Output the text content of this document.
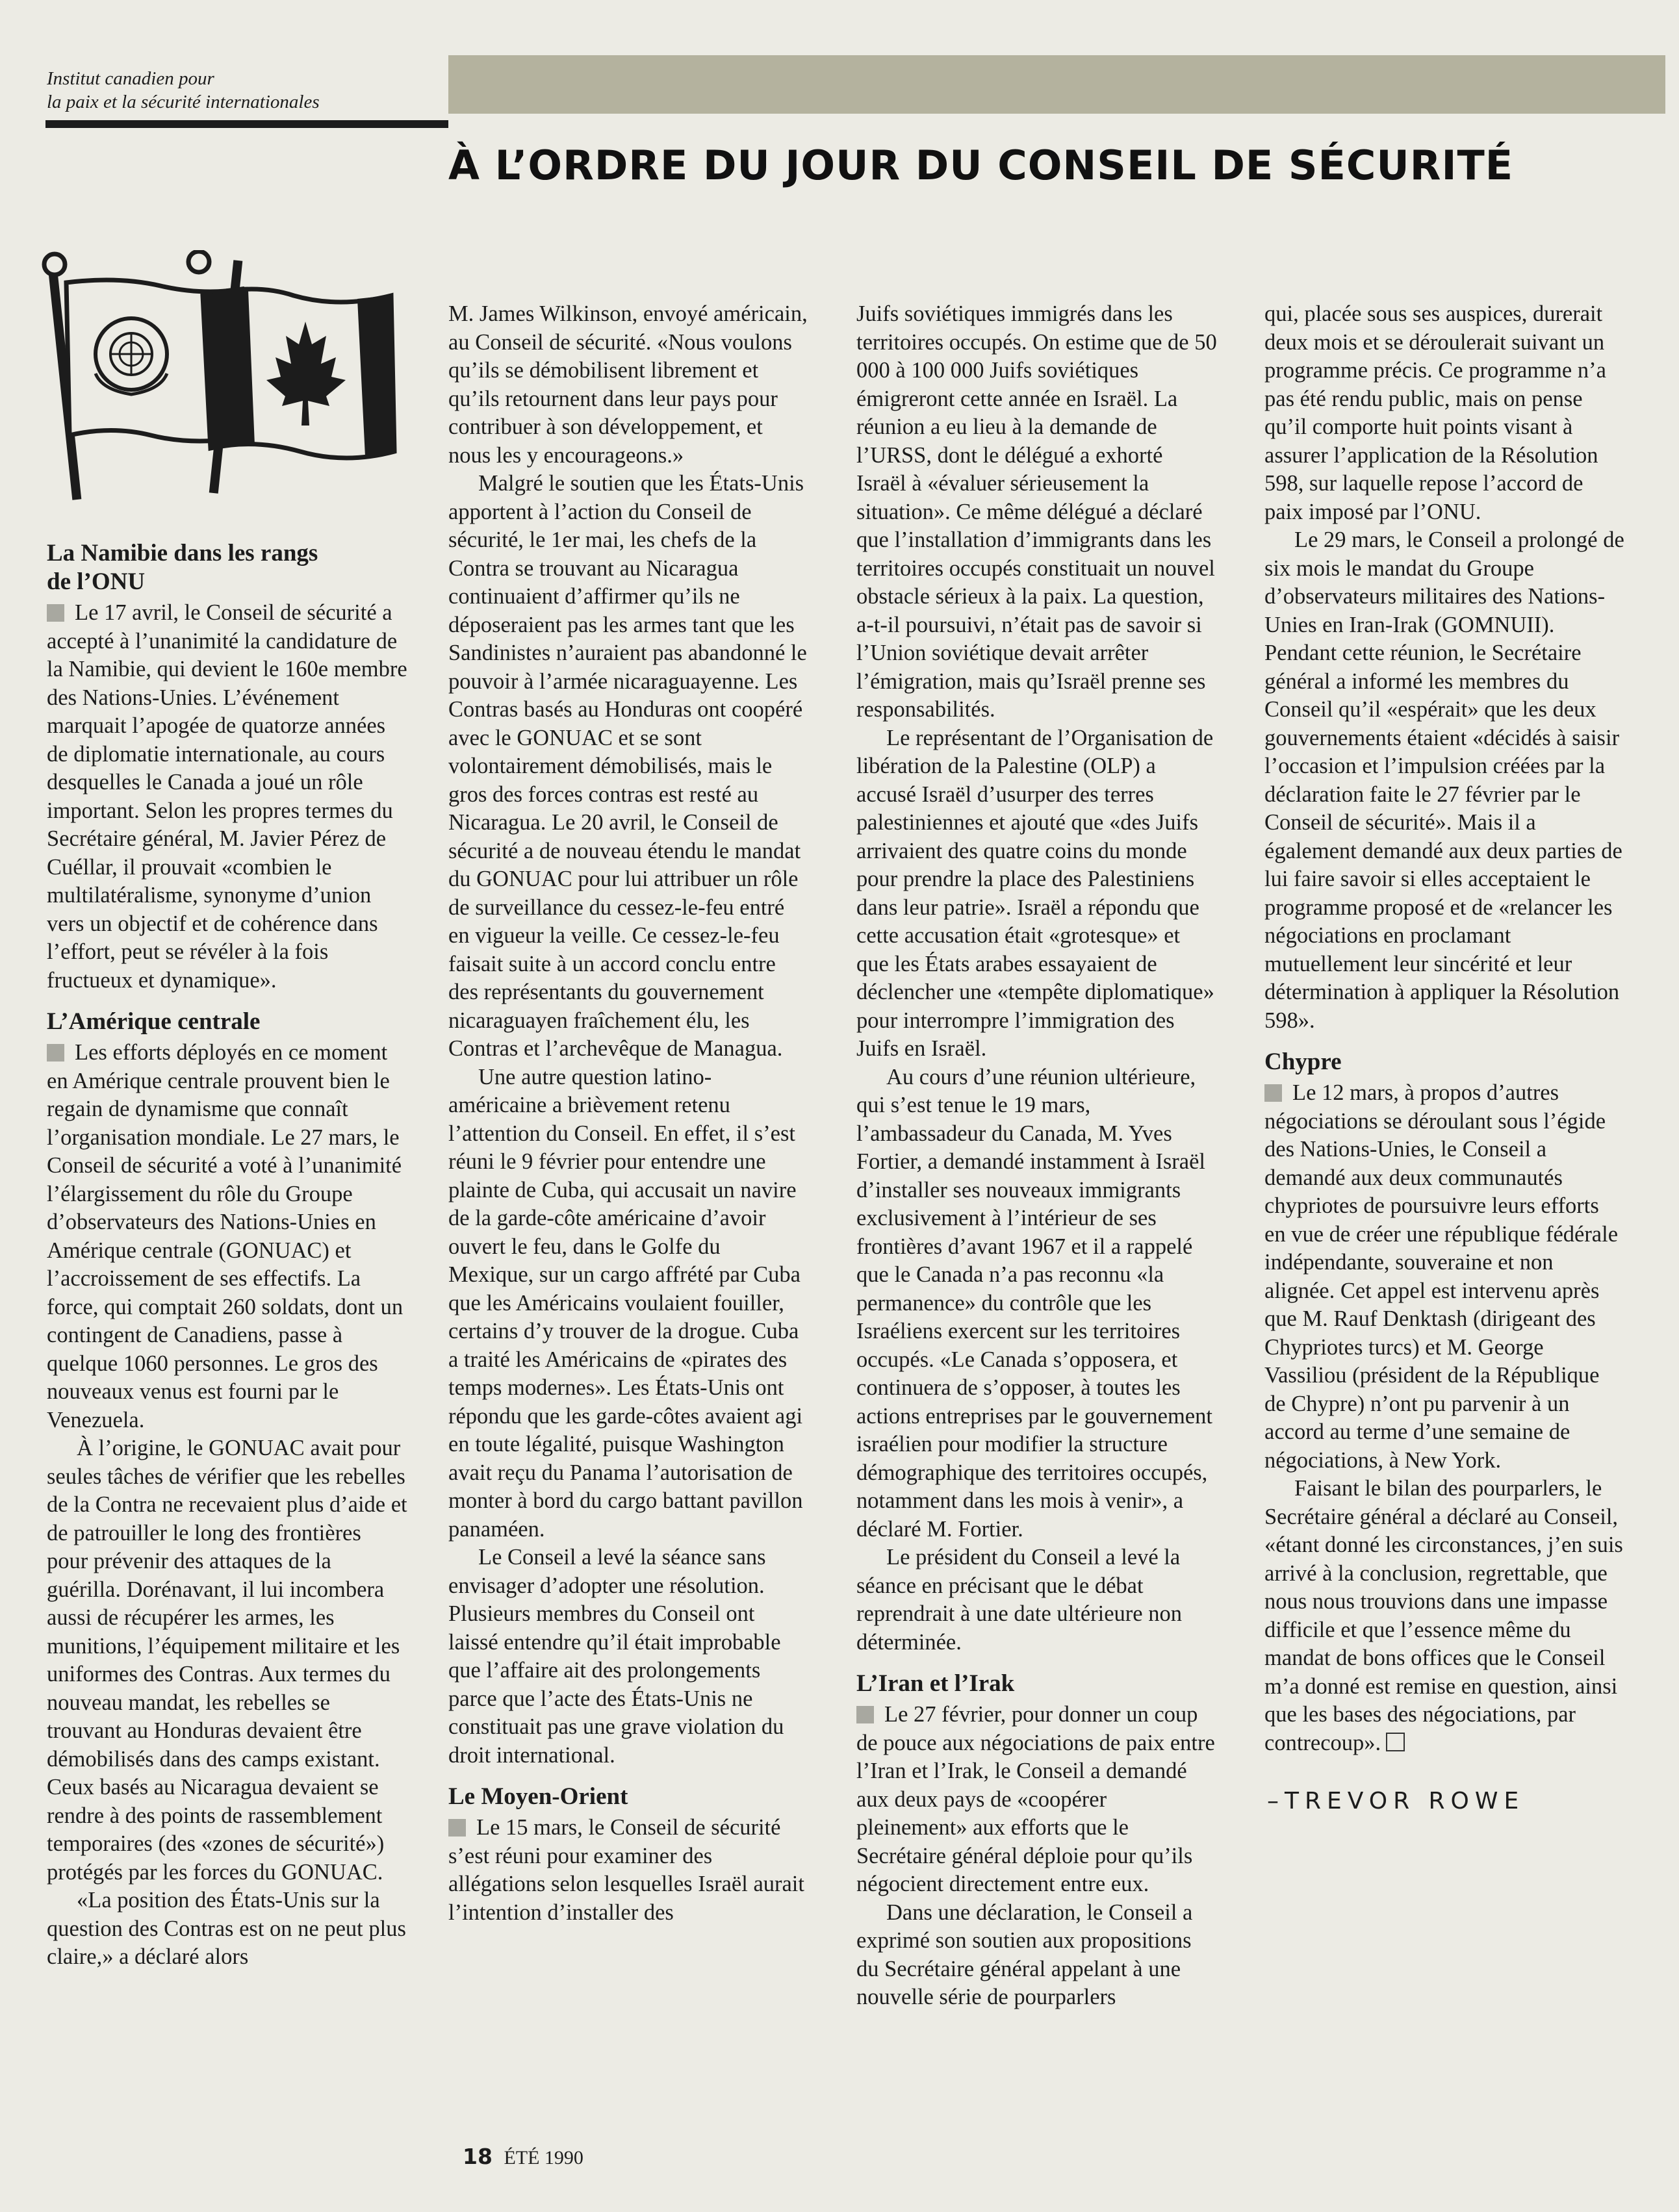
Institut canadien pour
la paix et la sécurité internationales
À L’ORDRE DU JOUR DU CONSEIL DE SÉCURITÉ
La Namibie dans les rangs
de l’ONU

Le 17 avril, le Conseil de sécurité a accepté à l’unanimité la candidature de la Namibie, qui devient le 160e membre des Nations-Unies. L’événement marquait l’apogée de quatorze années de diplomatie internationale, au cours desquelles le Canada a joué un rôle important. Selon les propres termes du Secrétaire général, M. Javier Pérez de Cuéllar, il prouvait «combien le multilatéralisme, synonyme d’union vers un objectif et de cohérence dans l’effort, peut se révéler à la fois fructueux et dynamique».

L’Amérique centrale

Les efforts déployés en ce moment en Amérique centrale prouvent bien le regain de dynamisme que connaît l’organisation mondiale. Le 27 mars, le Conseil de sécurité a voté à l’unanimité l’élargissement du rôle du Groupe d’observateurs des Nations-Unies en Amérique centrale (GONUAC) et l’accroissement de ses effectifs. La force, qui comptait 260 soldats, dont un contingent de Canadiens, passe à quelque 1060 personnes. Le gros des nouveaux venus est fourni par le Venezuela.

À l’origine, le GONUAC avait pour seules tâches de vérifier que les rebelles de la Contra ne recevaient plus d’aide et de patrouiller le long des frontières pour prévenir des attaques de la guérilla. Dorénavant, il lui incombera aussi de récupérer les armes, les munitions, l’équipement militaire et les uniformes des Contras. Aux termes du nouveau mandat, les rebelles se trouvant au Honduras devaient être démobilisés dans des camps existant. Ceux basés au Nicaragua devaient se rendre à des points de rassemblement temporaires (des «zones de sécurité») protégés par les forces du GONUAC.

«La position des États-Unis sur la question des Contras est on ne peut plus claire,» a déclaré alors

M. James Wilkinson, envoyé américain, au Conseil de sécurité. «Nous voulons qu’ils se démobilisent librement et qu’ils retournent dans leur pays pour contribuer à son développement, et nous les y encourageons.»

Malgré le soutien que les États-Unis apportent à l’action du Conseil de sécurité, le 1er mai, les chefs de la Contra se trouvant au Nicaragua continuaient d’affirmer qu’ils ne déposeraient pas les armes tant que les Sandinistes n’auraient pas abandonné le pouvoir à l’armée nicaraguayenne. Les Contras basés au Honduras ont coopéré avec le GONUAC et se sont volontairement démobilisés, mais le gros des forces contras est resté au Nicaragua. Le 20 avril, le Conseil de sécurité a de nouveau étendu le mandat du GONUAC pour lui attribuer un rôle de surveillance du cessez-le-feu entré en vigueur la veille. Ce cessez-le-feu faisait suite à un accord conclu entre des représentants du gouvernement nicaraguayen fraîchement élu, les Contras et l’archevêque de Managua.

Une autre question latino-américaine a brièvement retenu l’attention du Conseil. En effet, il s’est réuni le 9 février pour entendre une plainte de Cuba, qui accusait un navire de la garde-côte américaine d’avoir ouvert le feu, dans le Golfe du Mexique, sur un cargo affrété par Cuba que les Américains voulaient fouiller, certains d’y trouver de la drogue. Cuba a traité les Américains de «pirates des temps modernes». Les États-Unis ont répondu que les garde-côtes avaient agi en toute légalité, puisque Washington avait reçu du Panama l’autorisation de monter à bord du cargo battant pavillon panaméen.

Le Conseil a levé la séance sans envisager d’adopter une résolution. Plusieurs membres du Conseil ont laissé entendre qu’il était improbable que l’affaire ait des prolongements parce que l’acte des États-Unis ne constituait pas une grave violation du droit international.

Le Moyen-Orient

Le 15 mars, le Conseil de sécurité s’est réuni pour examiner des allégations selon lesquelles Israël aurait l’intention d’installer des

Juifs soviétiques immigrés dans les territoires occupés. On estime que de 50 000 à 100 000 Juifs soviétiques émigreront cette année en Israël. La réunion a eu lieu à la demande de l’URSS, dont le délégué a exhorté Israël à «évaluer sérieusement la situation». Ce même délégué a déclaré que l’installation d’immigrants dans les territoires occupés constituait un nouvel obstacle sérieux à la paix. La question, a-t-il poursuivi, n’était pas de savoir si l’Union soviétique devait arrêter l’émigration, mais qu’Israël prenne ses responsabilités.

Le représentant de l’Organisation de libération de la Palestine (OLP) a accusé Israël d’usurper des terres palestiniennes et ajouté que «des Juifs arrivaient des quatre coins du monde pour prendre la place des Palestiniens dans leur patrie». Israël a répondu que cette accusation était «grotesque» et que les États arabes essayaient de déclencher une «tempête diplomatique» pour interrompre l’immigration des Juifs en Israël.

Au cours d’une réunion ultérieure, qui s’est tenue le 19 mars, l’ambassadeur du Canada, M. Yves Fortier, a demandé instamment à Israël d’installer ses nouveaux immigrants exclusivement à l’intérieur de ses frontières d’avant 1967 et il a rappelé que le Canada n’a pas reconnu «la permanence» du contrôle que les Israéliens exercent sur les territoires occupés. «Le Canada s’opposera, et continuera de s’opposer, à toutes les actions entreprises par le gouvernement israélien pour modifier la structure démographique des territoires occupés, notamment dans les mois à venir», a déclaré M. Fortier.

Le président du Conseil a levé la séance en précisant que le débat reprendrait à une date ultérieure non déterminée.

L’Iran et l’Irak

Le 27 février, pour donner un coup de pouce aux négociations de paix entre l’Iran et l’Irak, le Conseil a demandé aux deux pays de «coopérer pleinement» aux efforts que le Secrétaire général déploie pour qu’ils négocient directement entre eux.

Dans une déclaration, le Conseil a exprimé son soutien aux propositions du Secrétaire général appelant à une nouvelle série de pourparlers

qui, placée sous ses auspices, durerait deux mois et se déroulerait suivant un programme précis. Ce programme n’a pas été rendu public, mais on pense qu’il comporte huit points visant à assurer l’application de la Résolution 598, sur laquelle repose l’accord de paix imposé par l’ONU.

Le 29 mars, le Conseil a prolongé de six mois le mandat du Groupe d’observateurs militaires des Nations-Unies en Iran-Irak (GOMNUII). Pendant cette réunion, le Secrétaire général a informé les membres du Conseil qu’il «espérait» que les deux gouvernements étaient «décidés à saisir l’occasion et l’impulsion créées par la déclaration faite le 27 février par le Conseil de sécurité». Mais il a également demandé aux deux parties de lui faire savoir si elles acceptaient le programme proposé et de «relancer les négociations en proclamant mutuellement leur sincérité et leur détermination à appliquer la Résolution 598».

Chypre

Le 12 mars, à propos d’autres négociations se déroulant sous l’égide des Nations-Unies, le Conseil a demandé aux deux communautés chypriotes de poursuivre leurs efforts en vue de créer une république fédérale indépendante, souveraine et non alignée. Cet appel est intervenu après que M. Rauf Denktash (dirigeant des Chypriotes turcs) et M. George Vassiliou (président de la République de Chypre) n’ont pu parvenir à un accord au terme d’une semaine de négociations, à New York.

Faisant le bilan des pourparlers, le Secrétaire général a déclaré au Conseil, «étant donné les circonstances, j’en suis arrivé à la conclusion, regrettable, que nous nous trouvions dans une impasse difficile et que l’essence même du mandat de bons offices que le Conseil m’a donné est remise en question, ainsi que les bases des négociations, par contrecoup».

–TREVOR ROWE
18 ÉTÉ 1990
